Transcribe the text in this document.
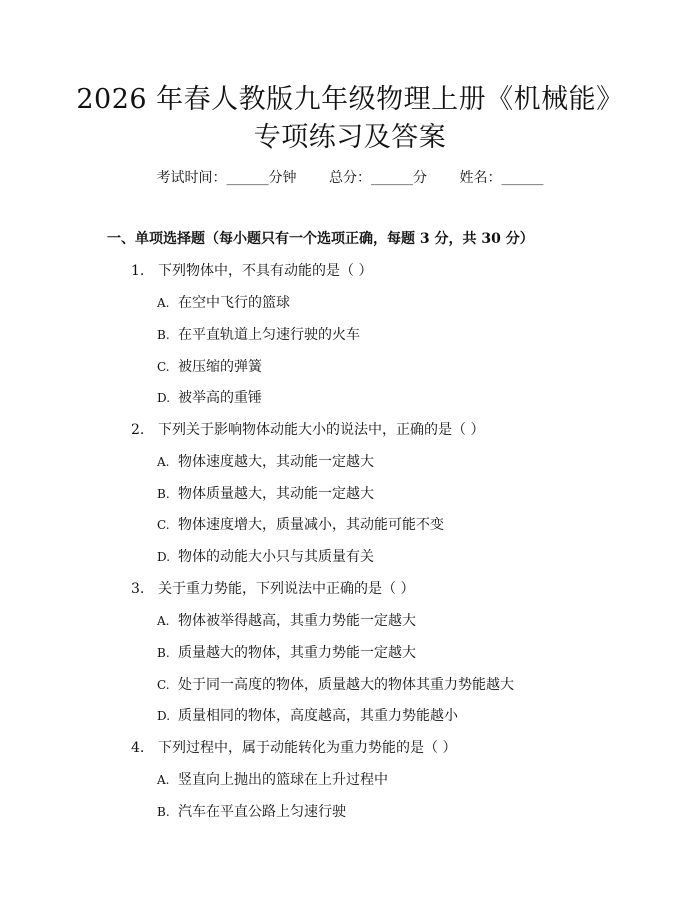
2026 年春人教版九年级物理上册《机械能》
专项练习及答案
考试时间：______分钟 总分：______分 姓名：______
一、单项选择题（每小题只有一个选项正确，每题 3 分，共 30 分）
1. 下列物体中，不具有动能的是（ ）
A. 在空中飞行的篮球
B. 在平直轨道上匀速行驶的火车
C. 被压缩的弹簧
D. 被举高的重锤
2. 下列关于影响物体动能大小的说法中，正确的是（ ）
A. 物体速度越大，其动能一定越大
B. 物体质量越大，其动能一定越大
C. 物体速度增大，质量减小，其动能可能不变
D. 物体的动能大小只与其质量有关
3. 关于重力势能，下列说法中正确的是（ ）
A. 物体被举得越高，其重力势能一定越大
B. 质量越大的物体，其重力势能一定越大
C. 处于同一高度的物体，质量越大的物体其重力势能越大
D. 质量相同的物体，高度越高，其重力势能越小
4. 下列过程中，属于动能转化为重力势能的是（ ）
A. 竖直向上抛出的篮球在上升过程中
B. 汽车在平直公路上匀速行驶
